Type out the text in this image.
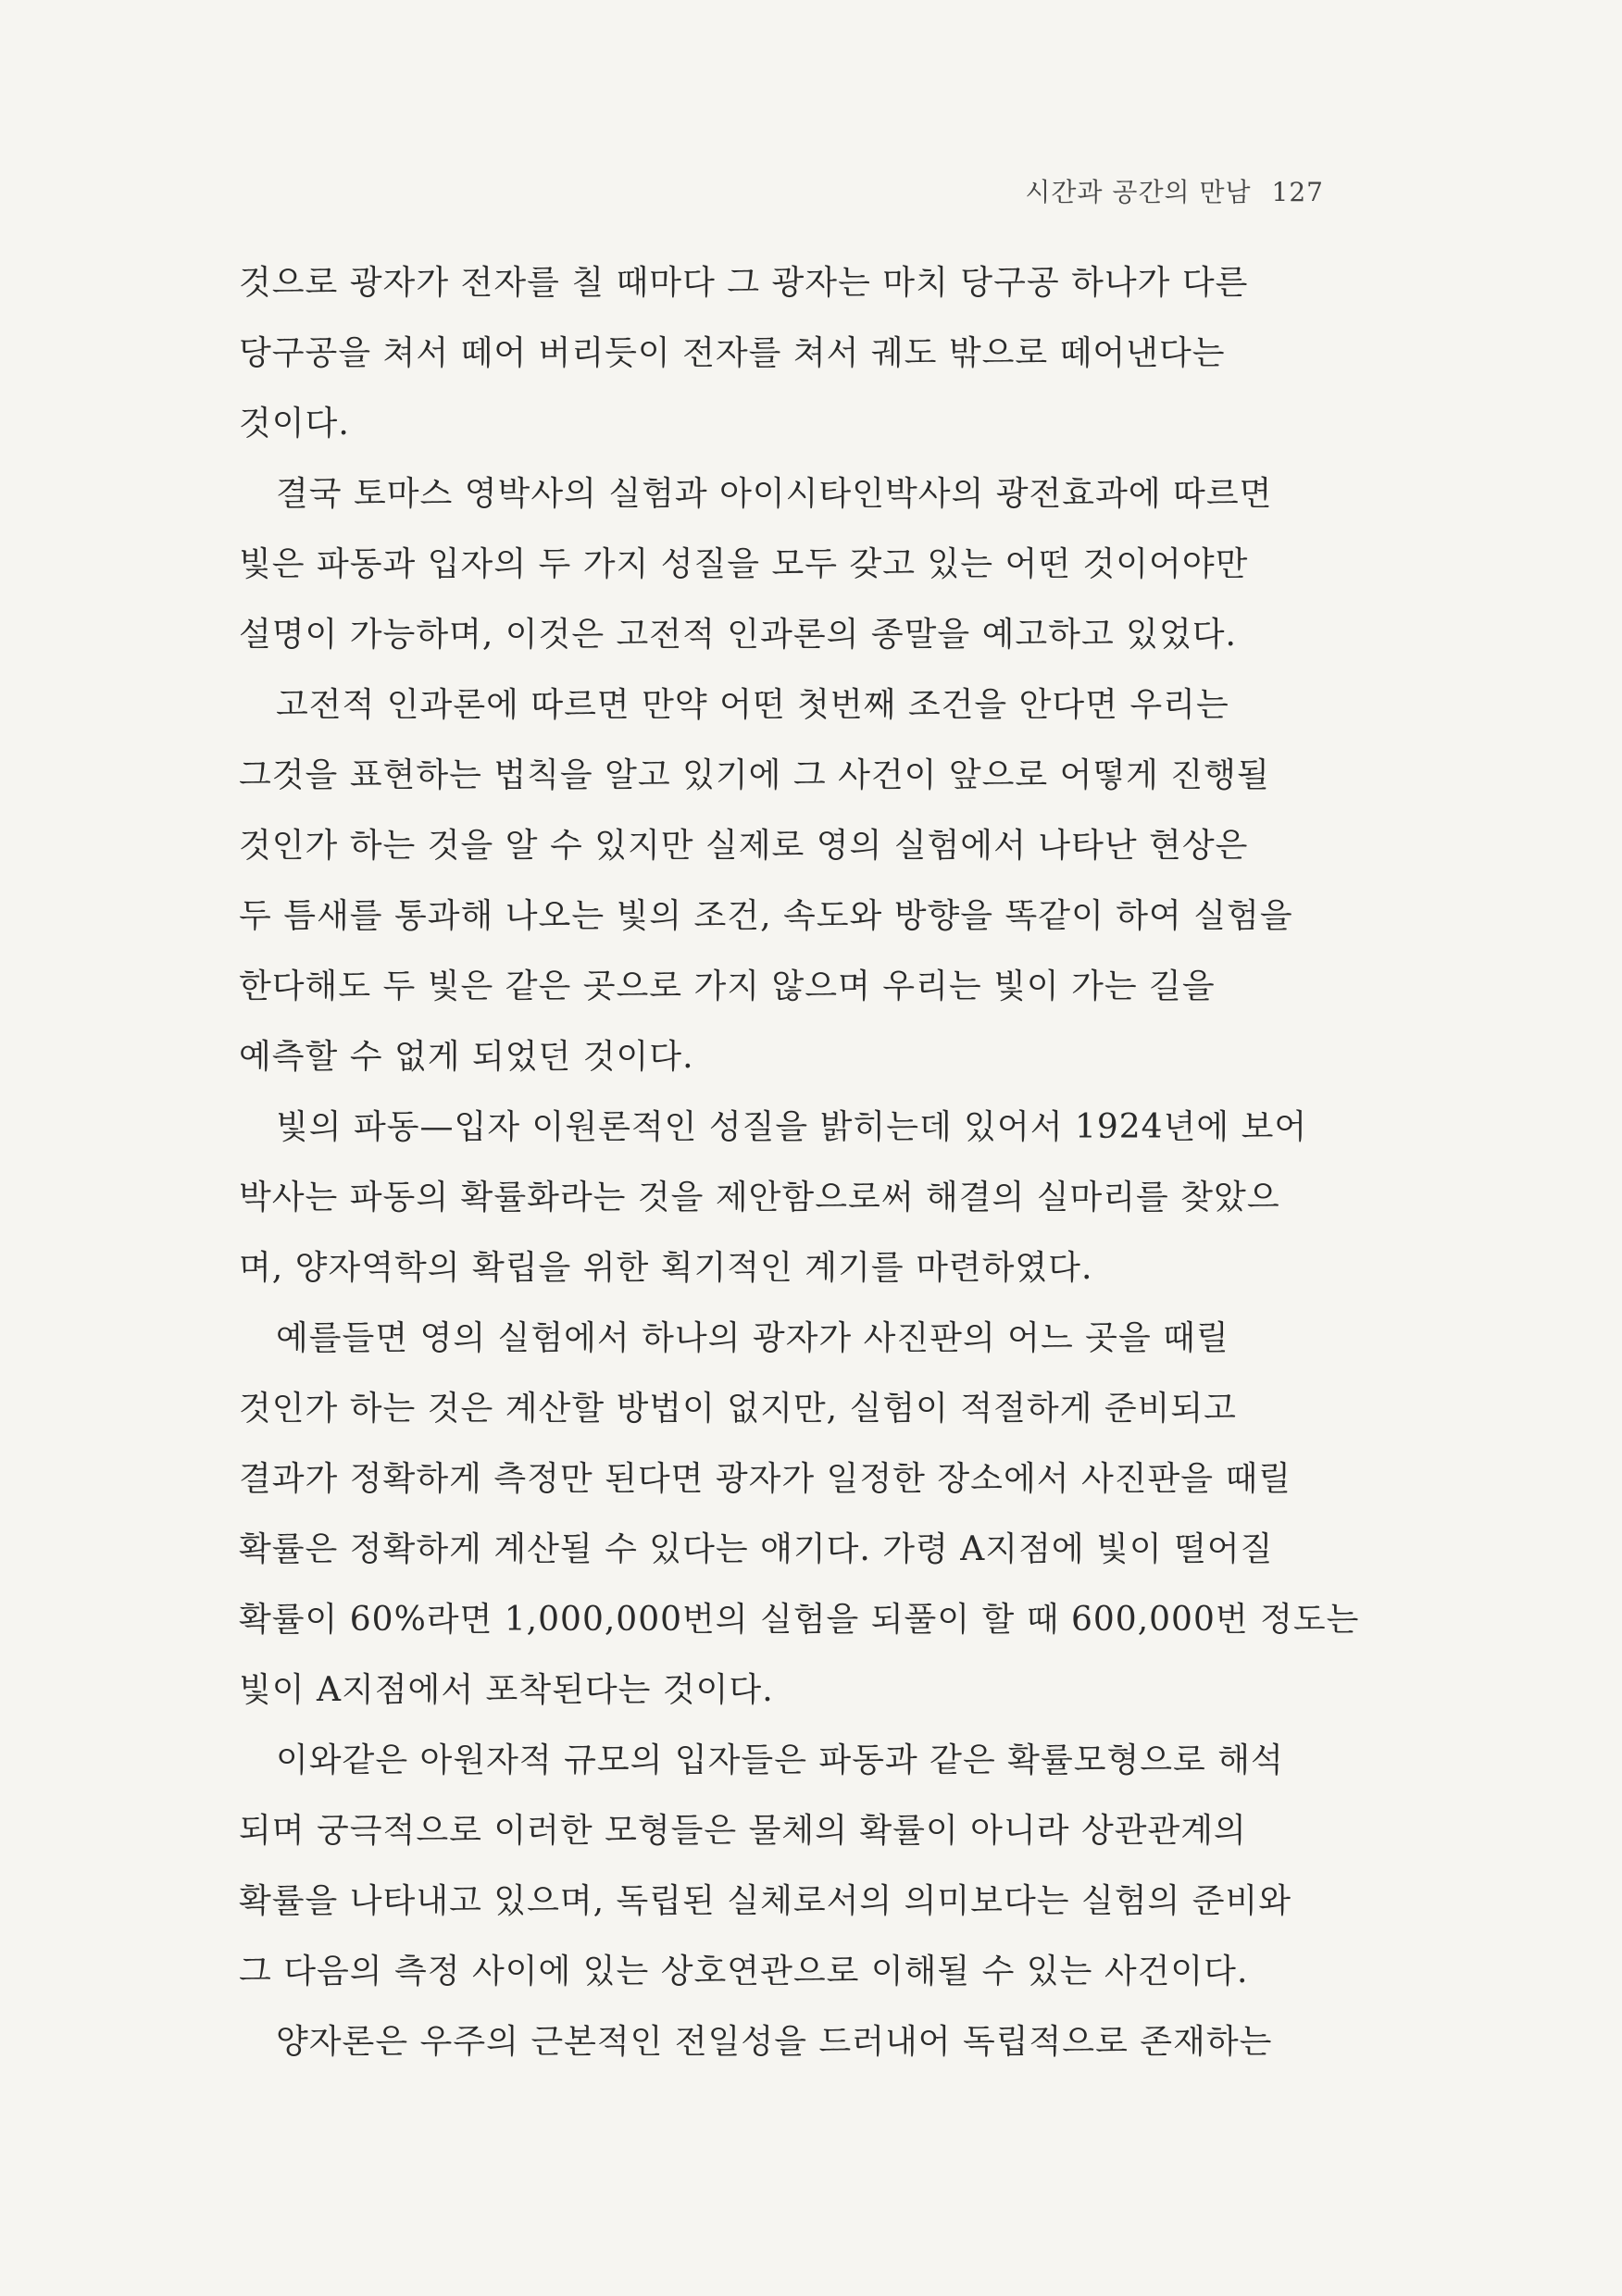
시간과 공간의 만남 127
것으로 광자가 전자를 칠 때마다 그 광자는 마치 당구공 하나가 다른
당구공을 쳐서 떼어 버리듯이 전자를 쳐서 궤도 밖으로 떼어낸다는
것이다.
결국 토마스 영박사의 실험과 아이시타인박사의 광전효과에 따르면
빛은 파동과 입자의 두 가지 성질을 모두 갖고 있는 어떤 것이어야만
설명이 가능하며, 이것은 고전적 인과론의 종말을 예고하고 있었다.
고전적 인과론에 따르면 만약 어떤 첫번째 조건을 안다면 우리는
그것을 표현하는 법칙을 알고 있기에 그 사건이 앞으로 어떻게 진행될
것인가 하는 것을 알 수 있지만 실제로 영의 실험에서 나타난 현상은
두 틈새를 통과해 나오는 빛의 조건, 속도와 방향을 똑같이 하여 실험을
한다해도 두 빛은 같은 곳으로 가지 않으며 우리는 빛이 가는 길을
예측할 수 없게 되었던 것이다.
빛의 파동—입자 이원론적인 성질을 밝히는데 있어서 1924년에 보어
박사는 파동의 확률화라는 것을 제안함으로써 해결의 실마리를 찾았으
며, 양자역학의 확립을 위한 획기적인 계기를 마련하였다.
예를들면 영의 실험에서 하나의 광자가 사진판의 어느 곳을 때릴
것인가 하는 것은 계산할 방법이 없지만, 실험이 적절하게 준비되고
결과가 정확하게 측정만 된다면 광자가 일정한 장소에서 사진판을 때릴
확률은 정확하게 계산될 수 있다는 얘기다. 가령 A지점에 빛이 떨어질
확률이 60%라면 1,000,000번의 실험을 되풀이 할 때 600,000번 정도는
빛이 A지점에서 포착된다는 것이다.
이와같은 아원자적 규모의 입자들은 파동과 같은 확률모형으로 해석
되며 궁극적으로 이러한 모형들은 물체의 확률이 아니라 상관관계의
확률을 나타내고 있으며, 독립된 실체로서의 의미보다는 실험의 준비와
그 다음의 측정 사이에 있는 상호연관으로 이해될 수 있는 사건이다.
양자론은 우주의 근본적인 전일성을 드러내어 독립적으로 존재하는
